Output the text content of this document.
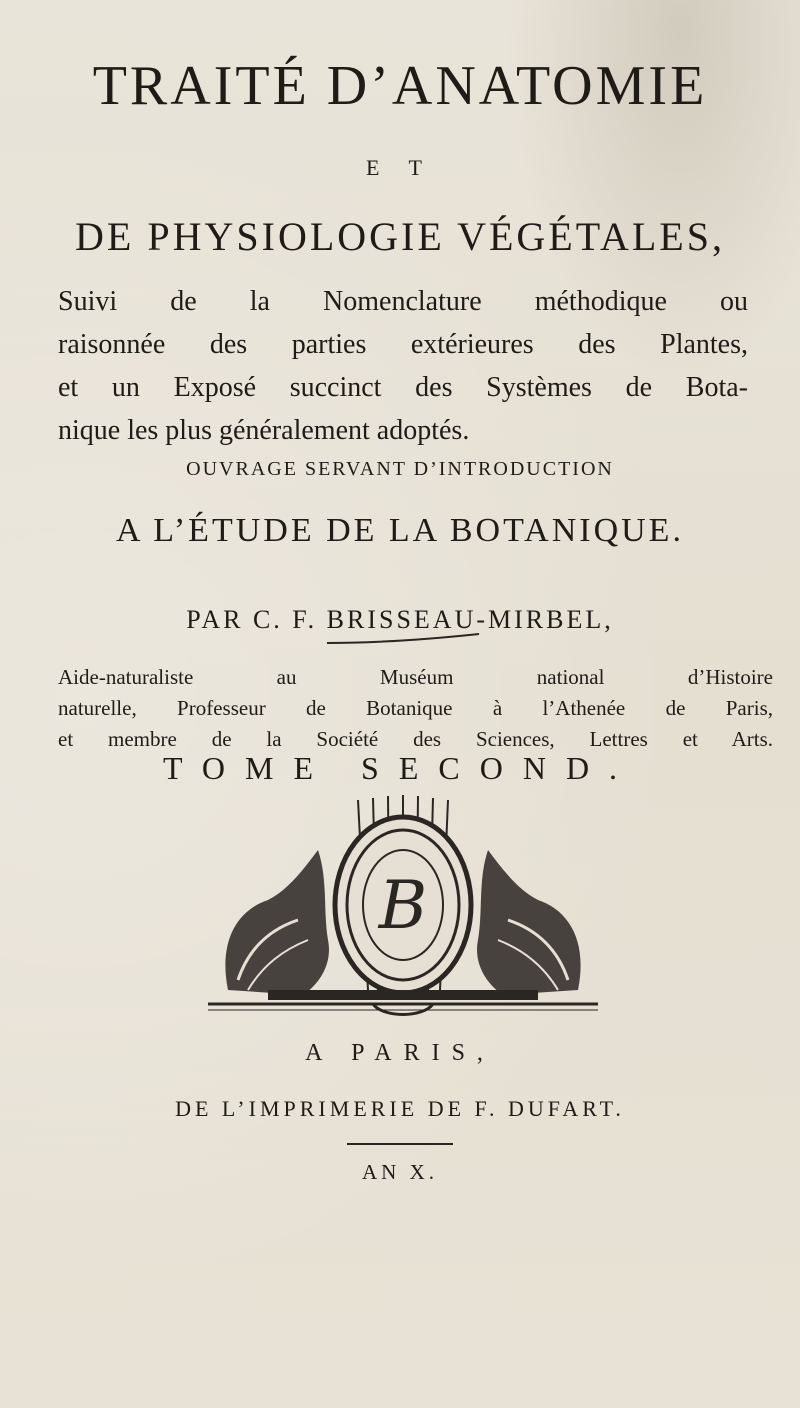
TRAITÉ D’ANATOMIE
E T
DE PHYSIOLOGIE VÉGÉTALES,
Suivi de la Nomenclature méthodique ou
raisonnée des parties extérieures des Plantes,
et un Exposé succinct des Systèmes de Bota-
nique les plus généralement adoptés.
OUVRAGE SERVANT D’INTRODUCTION
A L’ÉTUDE DE LA BOTANIQUE.
PAR C. F. BRISSEAU-MIRBEL,
Aide-naturaliste au Muséum national d’Histoire
naturelle, Professeur de Botanique à l’Athenée de Paris,
et membre de la Société des Sciences, Lettres et Arts.
TOME SECOND.
B
A PARIS,
DE L’IMPRIMERIE DE F. DUFART.
AN X.
